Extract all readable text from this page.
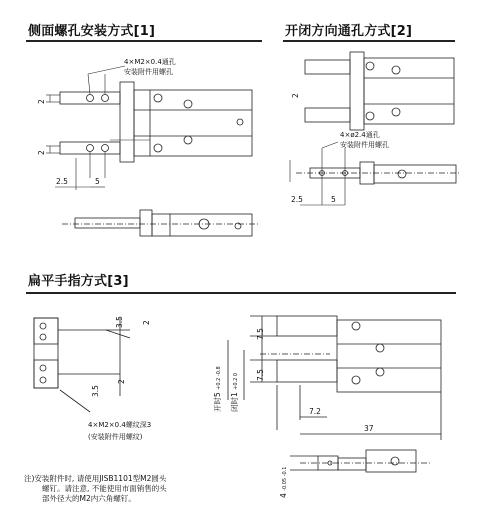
侧面螺孔安装方式[1]	开闭方向通孔方式[2]
扁平手指方式[3]
4×M2×0.4通孔
安装附件用螺孔
2
2
2.5	5
2
4×ø2.4通孔
安装附件用螺孔
2.5	5
3.5 2
3.5
2
4×M2×0.4螺纹深3
(安装附件用螺纹)
7.5
7.5
开时5 +0.2 -0.8
闭时1 +0.2 0
7.2
37
4 -0.05 -0.1
注)安装附件时, 请使用JISB1101型M2圆头
螺钉。请注意, 不能使用市面销售的头
部外径大的M2内六角螺钉。
